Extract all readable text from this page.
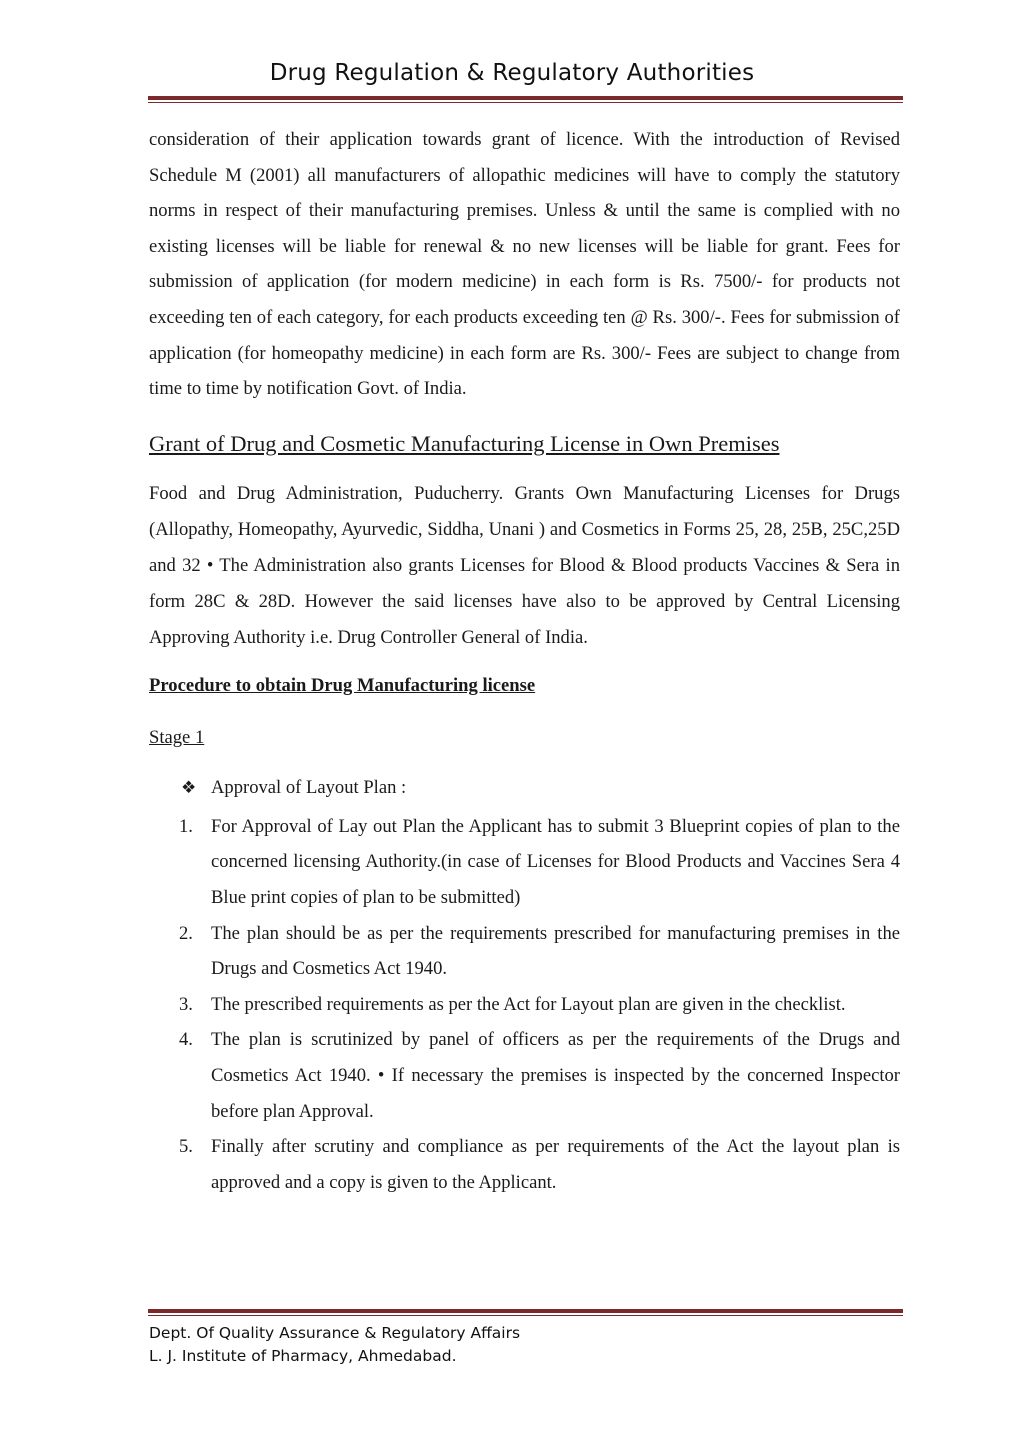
Drug Regulation & Regulatory Authorities

consideration of their application towards grant of licence. With the introduction of Revised Schedule M (2001) all manufacturers of allopathic medicines will have to comply the statutory norms in respect of their manufacturing premises. Unless & until the same is complied with no existing licenses will be liable for renewal & no new licenses will be liable for grant. Fees for submission of application (for modern medicine) in each form is Rs. 7500/- for products not exceeding ten of each category, for each products exceeding ten @ Rs. 300/-. Fees for submission of application (for homeopathy medicine) in each form are Rs. 300/- Fees are subject to change from time to time by notification Govt. of India.

Grant of Drug and Cosmetic Manufacturing License in Own Premises

Food and Drug Administration, Puducherry. Grants Own Manufacturing Licenses for Drugs (Allopathy, Homeopathy, Ayurvedic, Siddha, Unani ) and Cosmetics in Forms 25, 28, 25B, 25C,25D and 32 • The Administration also grants Licenses for Blood & Blood products Vaccines & Sera in form 28C & 28D. However the said licenses have also to be approved by Central Licensing Approving Authority i.e. Drug Controller General of India.

Procedure to obtain Drug Manufacturing license
Stage 1
❖ Approval of Layout Plan :
1. For Approval of Lay out Plan the Applicant has to submit 3 Blueprint copies of plan to the concerned licensing Authority.(in case of Licenses for Blood Products and Vaccines Sera 4 Blue print copies of plan to be submitted)
2. The plan should be as per the requirements prescribed for manufacturing premises in the Drugs and Cosmetics Act 1940.
3. The prescribed requirements as per the Act for Layout plan are given in the checklist.
4. The plan is scrutinized by panel of officers as per the requirements of the Drugs and Cosmetics Act 1940. • If necessary the premises is inspected by the concerned Inspector before plan Approval.
5. Finally after scrutiny and compliance as per requirements of the Act the layout plan is approved and a copy is given to the Applicant.
Dept. Of Quality Assurance & Regulatory Affairs
L. J. Institute of Pharmacy, Ahmedabad.
